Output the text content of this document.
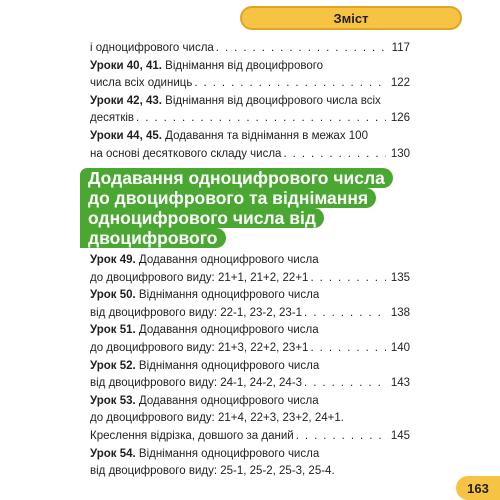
Зміст
і одноцифрового числа . . .	117
Уроки 40, 41. Віднімання від двоцифрового
числа всіх одиниць . . .	122
Уроки 42, 43. Віднімання від двоцифрового числа всіх
десятків . . .	126
Уроки 44, 45. Додавання та віднімання в межах 100
на основі десяткового складу числа . . .	130
Додавання одноцифрового числа
до двоцифрового та віднімання
одноцифрового числа від
двоцифрового
Урок 49. Додавання одноцифрового числа
до двоцифрового виду: 21+1, 21+2, 22+1 . . .	135
Урок 50. Віднімання одноцифрового числа
від двоцифрового виду: 22-1, 23-2, 23-1 . . .	138
Урок 51. Додавання одноцифрового числа
до двоцифрового виду: 21+3, 22+2, 23+1 . . .	140
Урок 52. Віднімання одноцифрового числа
від двоцифрового виду: 24-1, 24-2, 24-3 . . .	143
Урок 53. Додавання одноцифрового числа
до двоцифрового виду: 21+4, 22+3, 23+2, 24+1.
Креслення відрізка, довшого за даний . . .	145
Урок 54. Віднімання одноцифрового числа
від двоцифрового виду: 25-1, 25-2, 25-3, 25-4.
163
